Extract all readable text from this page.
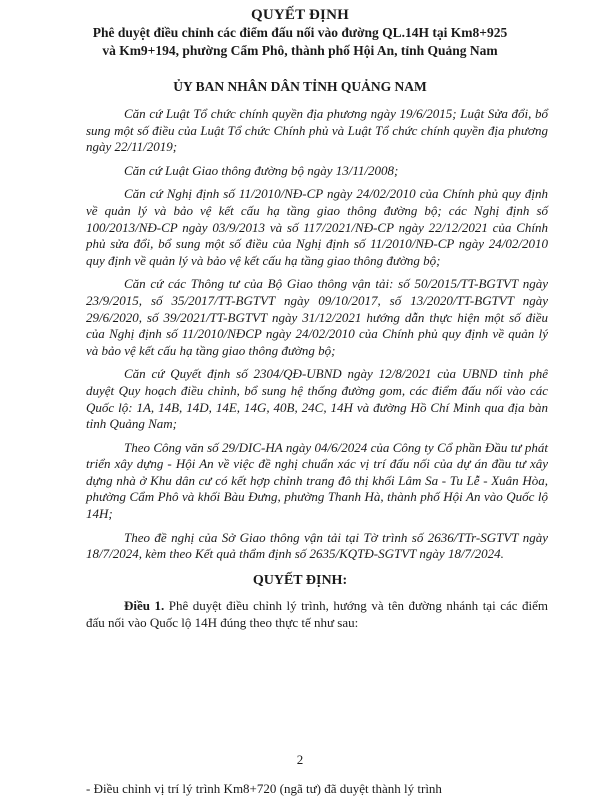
QUYẾT ĐỊNH
Phê duyệt điều chỉnh các điểm đấu nối vào đường QL.14H tại Km8+925
và Km9+194, phường Cẩm Phô, thành phố Hội An, tỉnh Quảng Nam
ỦY BAN NHÂN DÂN TỈNH QUẢNG NAM

Căn cứ Luật Tổ chức chính quyền địa phương ngày 19/6/2015; Luật Sửa đổi, bổ sung một số điều của Luật Tổ chức Chính phủ và Luật Tổ chức chính quyền địa phương ngày 22/11/2019;

Căn cứ Luật Giao thông đường bộ ngày 13/11/2008;

Căn cứ Nghị định số 11/2010/NĐ-CP ngày 24/02/2010 của Chính phủ quy định về quản lý và bảo vệ kết cấu hạ tầng giao thông đường bộ; các Nghị định số 100/2013/NĐ-CP ngày 03/9/2013 và số 117/2021/NĐ-CP ngày 22/12/2021 của Chính phủ sửa đổi, bổ sung một số điều của Nghị định số 11/2010/NĐ-CP ngày 24/02/2010 quy định về quản lý và bảo vệ kết cấu hạ tầng giao thông đường bộ;

Căn cứ các Thông tư của Bộ Giao thông vận tải: số 50/2015/TT-BGTVT ngày 23/9/2015, số 35/2017/TT-BGTVT ngày 09/10/2017, số 13/2020/TT-BGTVT ngày 29/6/2020, số 39/2021/TT-BGTVT ngày 31/12/2021 hướng dẫn thực hiện một số điều của Nghị định số 11/2010/NĐCP ngày 24/02/2010 của Chính phủ quy định về quản lý và bảo vệ kết cấu hạ tầng giao thông đường bộ;

Căn cứ Quyết định số 2304/QĐ-UBND ngày 12/8/2021 của UBND tỉnh phê duyệt Quy hoạch điều chỉnh, bổ sung hệ thống đường gom, các điểm đấu nối vào các Quốc lộ: 1A, 14B, 14D, 14E, 14G, 40B, 24C, 14H và đường Hồ Chí Minh qua địa bàn tỉnh Quảng Nam;

Theo Công văn số 29/DIC-HA ngày 04/6/2024 của Công ty Cổ phần Đầu tư phát triển xây dựng - Hội An về việc đề nghị chuẩn xác vị trí đấu nối của dự án đầu tư xây dựng nhà ở Khu dân cư có kết hợp chỉnh trang đô thị khối Lâm Sa - Tu Lễ - Xuân Hòa, phường Cẩm Phô và khối Bàu Đưng, phường Thanh Hà, thành phố Hội An vào Quốc lộ 14H;

Theo đề nghị của Sở Giao thông vận tải tại Tờ trình số 2636/TTr-SGTVT ngày 18/7/2024, kèm theo Kết quả thẩm định số 2635/KQTĐ-SGTVT ngày 18/7/2024.

QUYẾT ĐỊNH:

Điều 1. Phê duyệt điều chỉnh lý trình, hướng và tên đường nhánh tại các điểm đấu nối vào Quốc lộ 14H đúng theo thực tế như sau:

2
- Điều chỉnh vị trí lý trình Km8+720 (ngã tư) đã duyệt thành lý trình
